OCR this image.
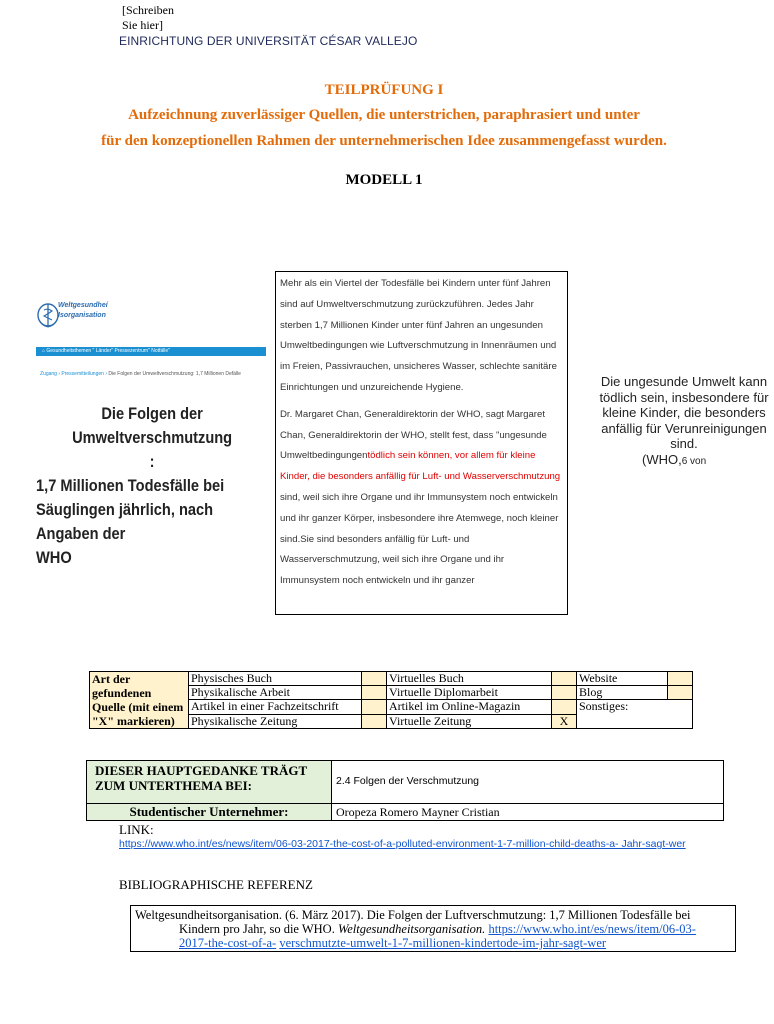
[Schreiben
Sie hier]
EINRICHTUNG DER UNIVERSITÄT CÉSAR VALLEJO
TEILPRÜFUNG I
Aufzeichnung zuverlässiger Quellen, die unterstrichen, paraphrasiert und unter
für den konzeptionellen Rahmen der unternehmerischen Idee zusammengefasst wurden.
MODELL 1
Weltgesundheí
Isorganisation
⌂ Gesundheitsthemen " Länder" Pressezentrum" Notfälle"
Zugang › Pressemitteilungen › Die Folgen der Umweltverschmutzung: 1,7 Millionen Defälle
Die Folgen der
Umweltverschmutzung
:
1,7 Millionen Todesfälle bei
Säuglingen jährlich, nach
Angaben der
WHO

Mehr als ein Viertel der Todesfälle bei Kindern unter fünf Jahren sind auf Umweltverschmutzung zurückzuführen. Jedes Jahr sterben 1,7 Millionen Kinder unter fünf Jahren an ungesunden Umweltbedingungen wie Luftverschmutzung in Innenräumen und im Freien, Passivrauchen, unsicheres Wasser, schlechte sanitäre Einrichtungen und unzureichende Hygiene.

Dr. Margaret Chan, Generaldirektorin der WHO, sagt Margaret Chan, Generaldirektorin der WHO, stellt fest, dass "ungesunde Umweltbedingungentödlich sein können, vor allem für kleine Kinder, die besonders anfällig für Luft- und Wasserverschmutzung sind, weil sich ihre Organe und ihr Immunsystem noch entwickeln und ihr ganzer Körper, insbesondere ihre Atemwege, noch kleiner sind.Sie sind besonders anfällig für Luft- und Wasserverschmutzung, weil sich ihre Organe und ihr Immunsystem noch entwickeln und ihr ganzer

Die ungesunde Umwelt kann tödlich sein, insbesondere für kleine Kinder, die besonders anfällig für Verunreinigungen sind.
(WHO,6 von
Art der gefundenen Quelle (mit einem "X" markieren)	Physisches Buch		Virtuelles Buch		Website	
	Physikalische Arbeit		Virtuelle Diplomarbeit		Blog	
	Artikel in einer Fachzeitschrift		Artikel im Online-Magazin		Sonstiges:	
	Physikalische Zeitung		Virtuelle Zeitung	X		
DIESER HAUPTGEDANKE TRÄGT ZUM UNTERTHEMA BEI:	2.4 Folgen der Verschmutzung
Studentischer Unternehmer:	Oropeza Romero Mayner Cristian
LINK:
https://www.who.int/es/news/item/06-03-2017-the-cost-of-a-polluted-environment-1-7-million-child-deaths-a- Jahr-sagt-wer
BIBLIOGRAPHISCHE REFERENZ
Weltgesundheitsorganisation. (6. März 2017). Die Folgen der Luftverschmutzung: 1,7 Millionen Todesfälle bei
Kindern pro Jahr, so die WHO. Weltgesundheitsorganisation. https://www.who.int/es/news/item/06-03-
2017-the-cost-of-a- verschmutzte-umwelt-1-7-millionen-kindertode-im-jahr-sagt-wer
